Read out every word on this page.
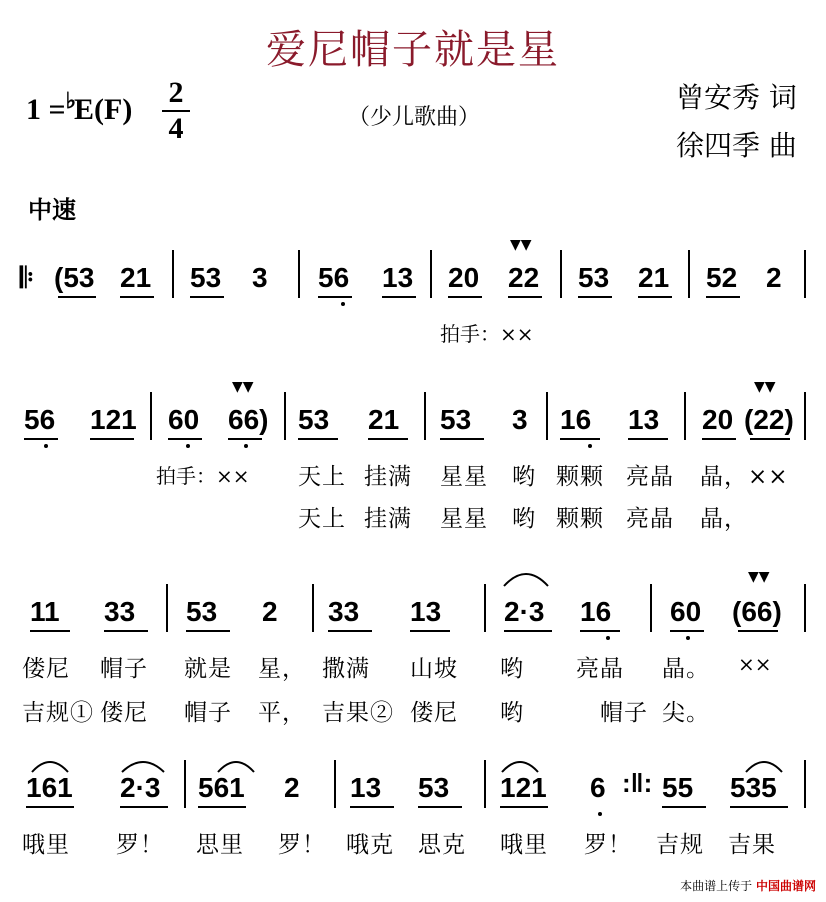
爱尼帽子就是星
1 =♭E(F)
2
4	（少儿歌曲）
曾安秀 词
徐四季 曲
中速
𝄆 (53 21 53 3 56 13 20
▼▼
22 53 21 52 2
拍手：××
56 121 60
▼▼
66) 53 21 53 3 16 13 20
▼▼
(22)
拍手：×× 天上 挂满 星星 哟 颗颗 亮晶 晶，××
天上 挂满 星星 哟 颗颗 亮晶 晶，
11 33 53 2 33 13 2·3 16 60
▼▼
(66)
偻尼 帽子 就是 星， 撒满 山坡 哟 亮晶 晶。 ××
吉规① 偻尼 帽子 平， 吉果② 偻尼 哟	帽子 尖。
161 2·3 561 2 13 53 121 6 :‖: 55 535
哦里 罗！ 思里 罗！ 哦克 思克 哦里 罗！ 吉规 吉果
本曲谱上传于 中国曲谱网
